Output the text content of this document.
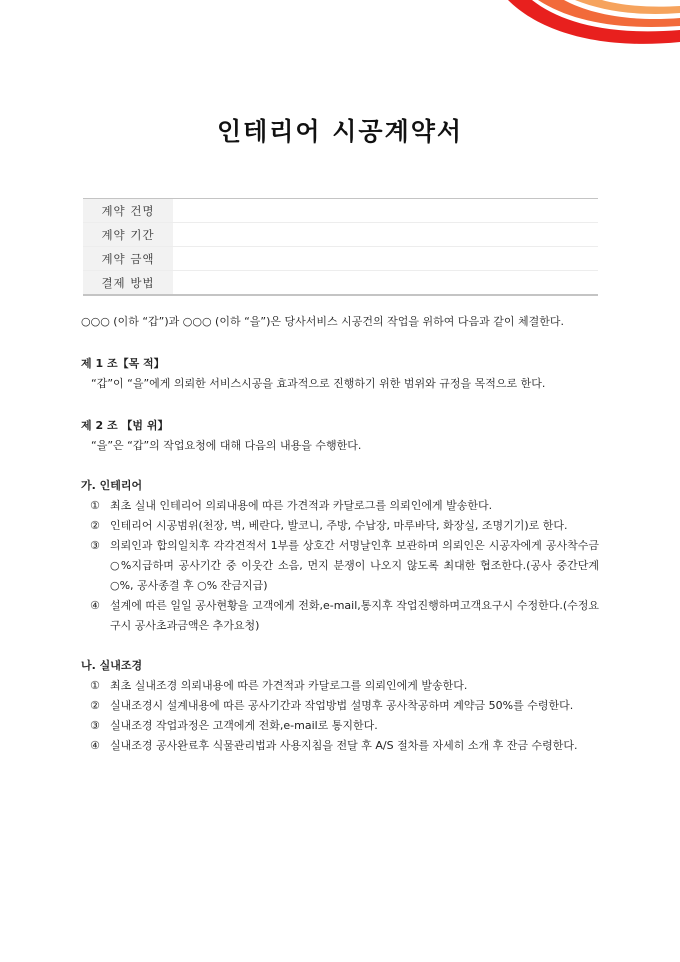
인테리어 시공계약서
계약 건명	
계약 기간	
계약 금액	
결제 방법	

○○○ (이하 “갑”)과 ○○○ (이하 “을”)은 당사서비스 시공건의 작업을 위하여 다음과 같이 체결한다.

제 1 조【목 적】
“갑”이 “을”에게 의뢰한 서비스시공을 효과적으로 진행하기 위한 범위와 규정을 목적으로 한다.
제 2 조 【범 위】
“을”은 “갑”의 작업요청에 대해 다음의 내용을 수행한다.
가. 인테리어
① 최초 실내 인테리어 의뢰내용에 따른 가견적과 카달로그를 의뢰인에게 발송한다.
② 인테리어 시공범위(천장, 벽, 베란다, 발코니, 주방, 수납장, 마루바닥, 화장실, 조명기기)로 한다.
③ 의뢰인과 합의일치후 각각견적서 1부를 상호간 서명날인후 보관하며 의뢰인은 시공자에게 공사착수금 ○%지급하며 공사기간 중 이웃간 소음, 먼지 분쟁이 나오지 않도록 최대한 협조한다.(공사 중간단계 ○%, 공사종결 후 ○% 잔금지급)
④ 설계에 따른 일일 공사현황을 고객에게 전화,e-mail,통지후 작업진행하며고객요구시 수정한다.(수정요구시 공사초과금액은 추가요청)
나. 실내조경
① 최초 실내조경 의뢰내용에 따른 가견적과 카달로그를 의뢰인에게 발송한다.
② 실내조경시 설계내용에 따른 공사기간과 작업방법 설명후 공사착공하며 계약금 50%를 수령한다.
③ 실내조경 작업과정은 고객에게 전화,e-mail로 통지한다.
④ 실내조경 공사완료후 식물관리법과 사용지침을 전달 후 A/S 절차를 자세히 소개 후 잔금 수령한다.
